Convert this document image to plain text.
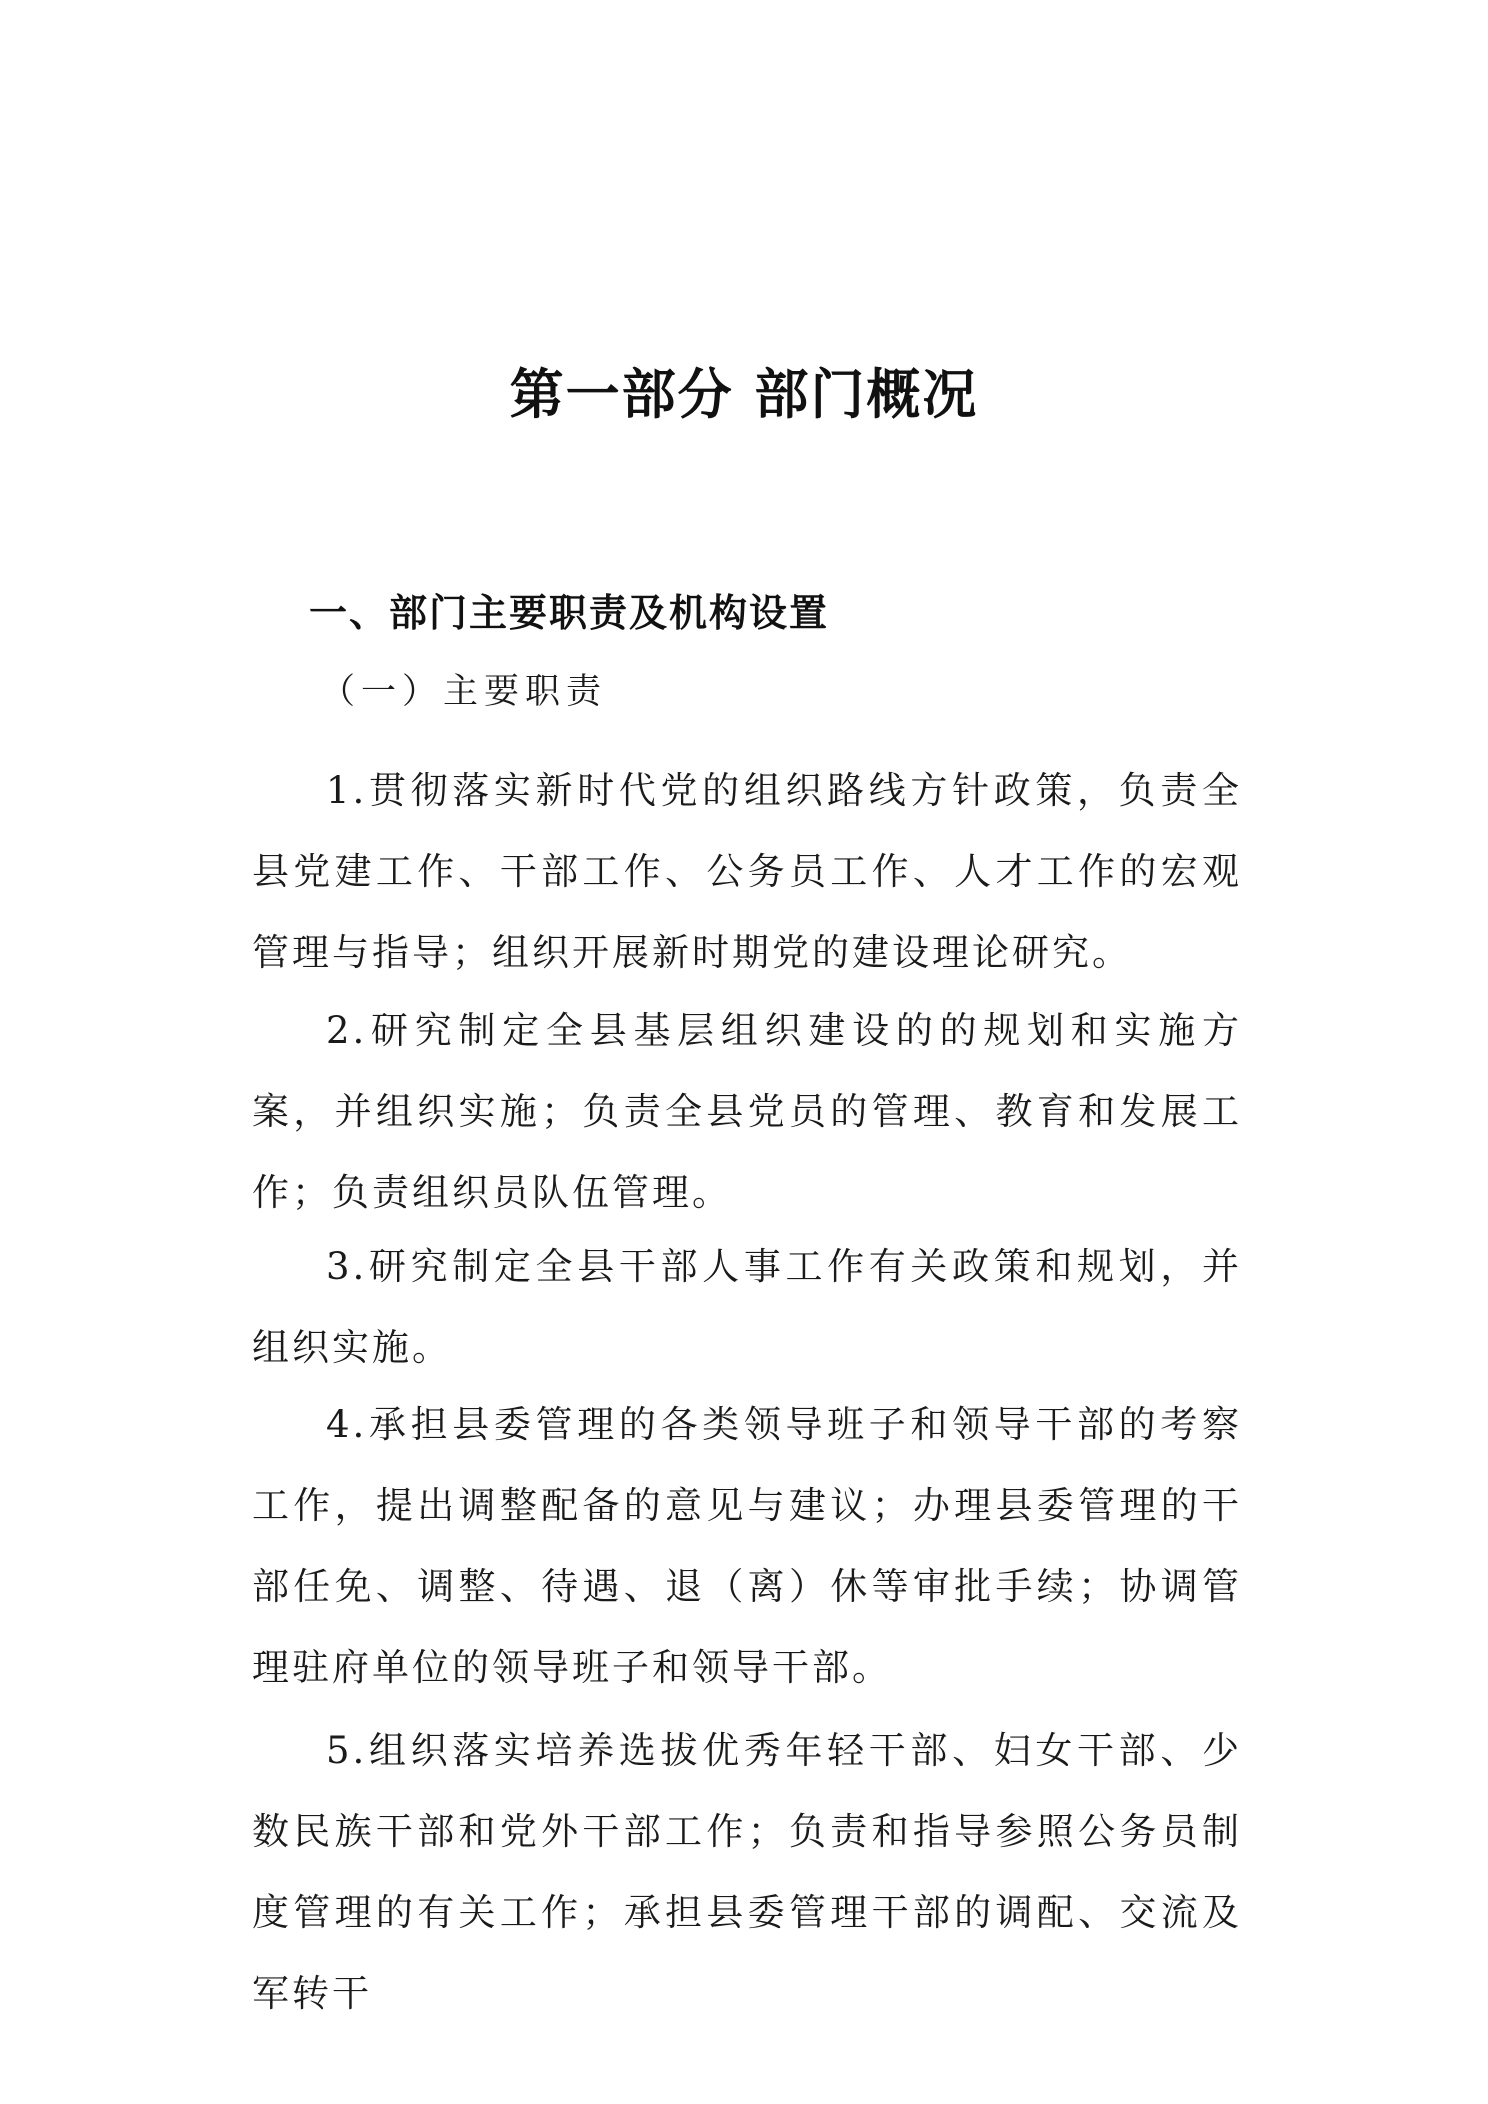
第一部分 部门概况
一、部门主要职责及机构设置
（一）主要职责

1.贯彻落实新时代党的组织路线方针政策，负责全县党建工作、干部工作、公务员工作、人才工作的宏观管理与指导；组织开展新时期党的建设理论研究。

2.研究制定全县基层组织建设的的规划和实施方案，并组织实施；负责全县党员的管理、教育和发展工作；负责组织员队伍管理。

3.研究制定全县干部人事工作有关政策和规划，并组织实施。

4.承担县委管理的各类领导班子和领导干部的考察工作，提出调整配备的意见与建议；办理县委管理的干部任免、调整、待遇、退（离）休等审批手续；协调管理驻府单位的领导班子和领导干部。

5.组织落实培养选拔优秀年轻干部、妇女干部、少数民族干部和党外干部工作；负责和指导参照公务员制度管理的有关工作；承担县委管理干部的调配、交流及军转干
